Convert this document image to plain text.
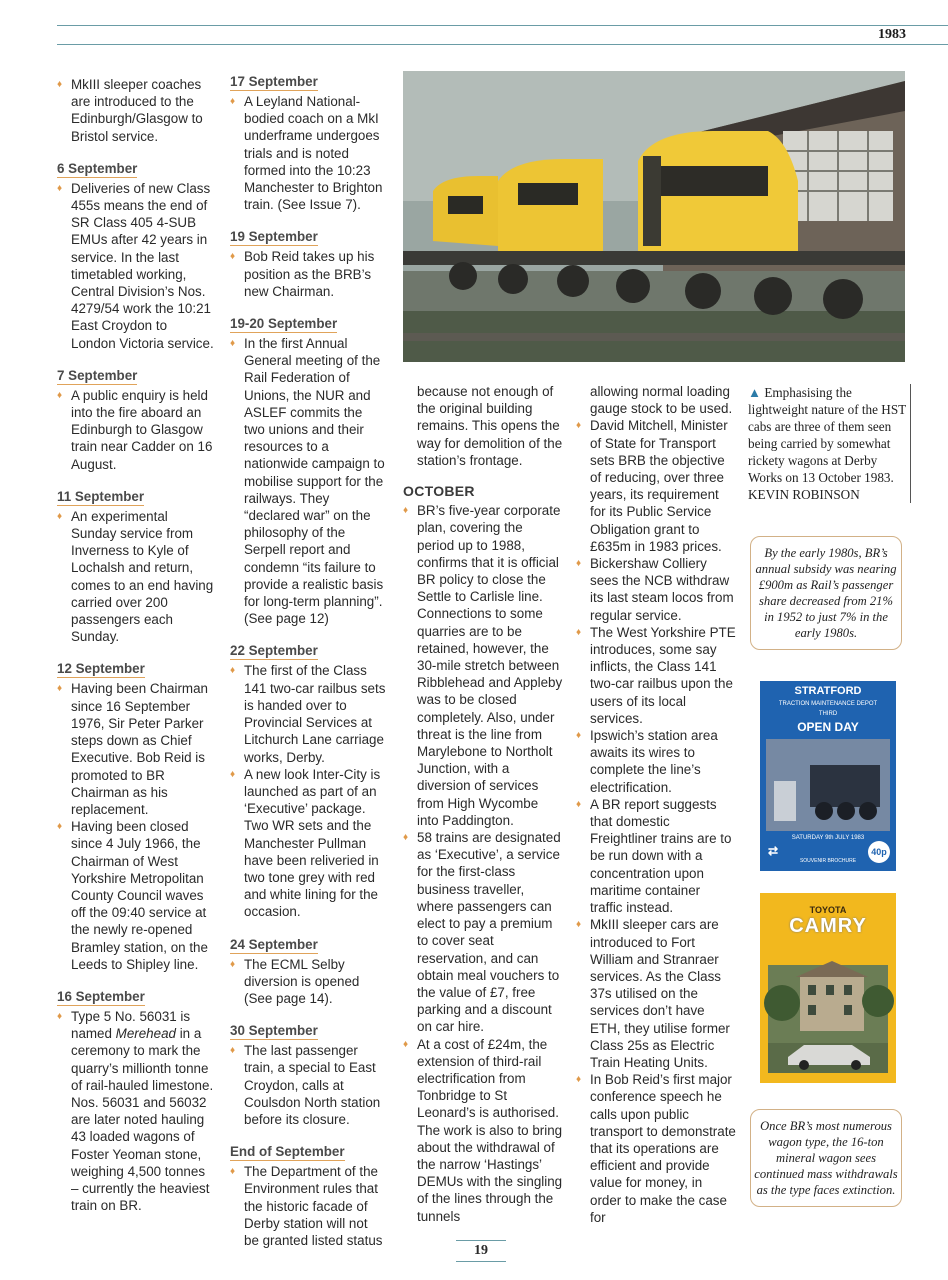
1983

♦ MkIII sleeper coaches are introduced to the Edinburgh/Glasgow to Bristol service.

6 September

♦ Deliveries of new Class 455s means the end of SR Class 405 4-SUB EMUs after 42 years in service. In the last timetabled working, Central Division’s Nos. 4279/54 work the 10:21 East Croydon to London Victoria service.

7 September

♦ A public enquiry is held into the fire aboard an Edinburgh to Glasgow train near Cadder on 16 August.

11 September

♦ An experimental Sunday service from Inverness to Kyle of Lochalsh and return, comes to an end having carried over 200 passengers each Sunday.

12 September

♦ Having been Chairman since 16 September 1976, Sir Peter Parker steps down as Chief Executive. Bob Reid is promoted to BR Chairman as his replacement.

♦ Having been closed since 4 July 1966, the Chairman of West Yorkshire Metropolitan County Council waves off the 09:40 service at the newly re-opened Bramley station, on the Leeds to Shipley line.

16 September

♦ Type 5 No. 56031 is named Merehead in a ceremony to mark the quarry’s millionth tonne of rail-hauled limestone. Nos. 56031 and 56032 are later noted hauling 43 loaded wagons of Foster Yeoman stone, weighing 4,500 tonnes – currently the heaviest train on BR.

17 September

♦ A Leyland National-bodied coach on a MkI underframe undergoes trials and is noted formed into the 10:23 Manchester to Brighton train. (See Issue 7).

19 September

♦ Bob Reid takes up his position as the BRB’s new Chairman.

19-20 September

♦ In the first Annual General meeting of the Rail Federation of Unions, the NUR and ASLEF commits the two unions and their resources to a nationwide campaign to mobilise support for the railways. They “declared war” on the philosophy of the Serpell report and condemn “its failure to provide a realistic basis for long-term planning”. (See page 12)

22 September

♦ The first of the Class 141 two-car railbus sets is handed over to Provincial Services at Litchurch Lane carriage works, Derby.

♦ A new look Inter-City is launched as part of an ‘Executive’ package. Two WR sets and the Manchester Pullman have been reliveried in two tone grey with red and white lining for the occasion.

24 September

♦ The ECML Selby diversion is opened (See page 14).

30 September

♦ The last passenger train, a special to East Croydon, calls at Coulsdon North station before its closure.

End of September

♦ The Department of the Environment rules that the historic facade of Derby station will not be granted listed status

because not enough of the original building remains. This opens the way for demolition of the station’s frontage.

OCTOBER

♦ BR’s five-year corporate plan, covering the period up to 1988, confirms that it is official BR policy to close the Settle to Carlisle line. Connections to some quarries are to be retained, however, the 30-mile stretch between Ribblehead and Appleby was to be closed completely. Also, under threat is the line from Marylebone to Northolt Junction, with a diversion of services from High Wycombe into Paddington.

♦ 58 trains are designated as ‘Executive’, a service for the first-class business traveller, where passengers can elect to pay a premium to cover seat reservation, and can obtain meal vouchers to the value of £7, free parking and a discount on car hire.

♦ At a cost of £24m, the extension of third-rail electrification from Tonbridge to St Leonard’s is authorised. The work is also to bring about the withdrawal of the narrow ‘Hastings’ DEMUs with the singling of the lines through the tunnels

allowing normal loading gauge stock to be used.

♦ David Mitchell, Minister of State for Transport sets BRB the objective of reducing, over three years, its requirement for its Public Service Obligation grant to £635m in 1983 prices.

♦ Bickershaw Colliery sees the NCB withdraw its last steam locos from regular service.

♦ The West Yorkshire PTE introduces, some say inflicts, the Class 141 two-car railbus upon the users of its local services.

♦ Ipswich’s station area awaits its wires to complete the line’s electrification.

♦ A BR report suggests that domestic Freightliner trains are to be run down with a concentration upon maritime container traffic instead.

♦ MkIII sleeper cars are introduced to Fort William and Stranraer services. As the Class 37s utilised on the services don’t have ETH, they utilise former Class 25s as Electric Train Heating Units.

♦ In Bob Reid’s first major conference speech he calls upon public transport to demonstrate that its operations are efficient and provide value for money, in order to make the case for

▲ Emphasising the lightweight nature of the HST cabs are three of them seen being carried by somewhat rickety wagons at Derby Works on 13 October 1983. KEVIN ROBINSON
By the early 1980s, BR’s annual subsidy was nearing £900m as Rail’s passenger share decreased from 21% in 1952 to just 7% in the early 1980s.
STRATFORD
TRACTION MAINTENANCE DEPOT
THIRD
OPEN DAY
SATURDAY 9th JULY 1983
⇄
SOUVENIR BROCHURE
40p
TOYOTA
CAMRY
Once BR’s most numerous wagon type, the 16-ton mineral wagon sees continued mass withdrawals as the type faces extinction.
19
